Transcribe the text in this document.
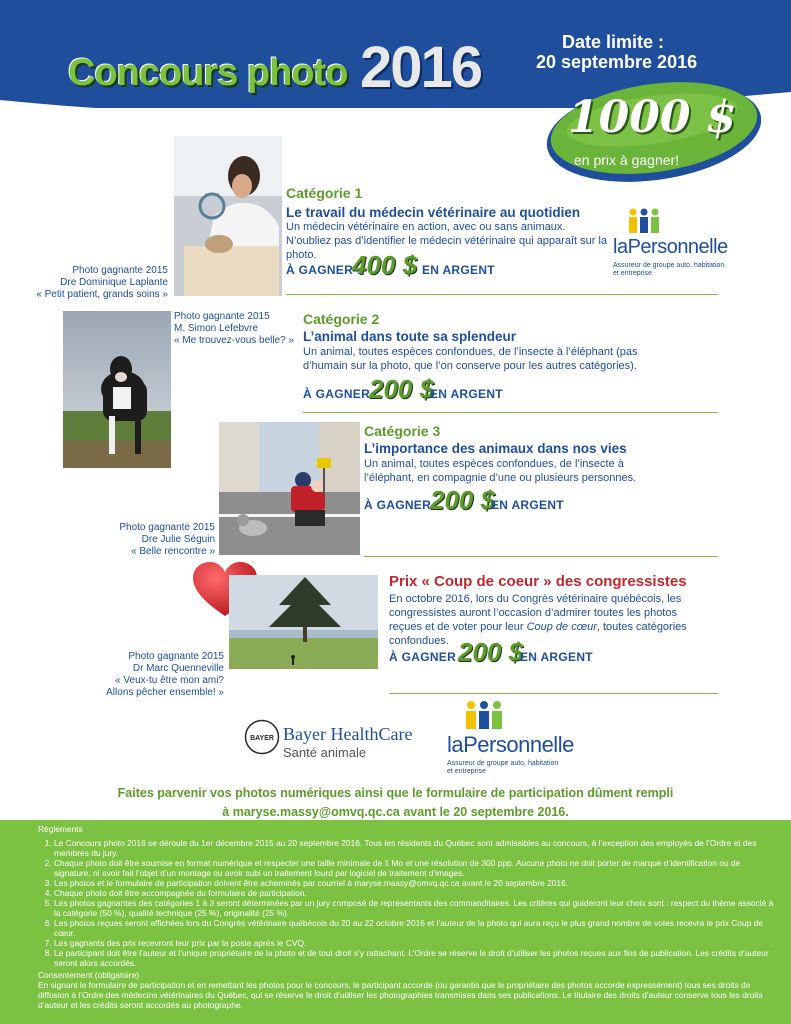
Concours photo 2016	Date limite :
20 septembre 2016
1000 $
en prix à gagner!
Photo gagnante 2015
Dre Dominique Laplante
« Petit patient, grands soins »
Catégorie 1
Le travail du médecin vétérinaire au quotidien
Un médecin vétérinaire en action, avec ou sans animaux. N’oubliez pas d’identifier le médecin vétérinaire qui apparaît sur la photo.
À GAGNER :
400 $ EN ARGENT
laPersonnelle
Assureur de groupe auto, habitation
et entreprise
Photo gagnante 2015
M. Simon Lefebvre
« Me trouvez-vous belle? »
Catégorie 2
L’animal dans toute sa splendeur
Un animal, toutes espèces confondues, de l’insecte à l’éléphant (pas d’humain sur la photo, que l’on conserve pour les autres catégories).
À GAGNER :
200 $
EN ARGENT
Photo gagnante 2015
Dre Julie Séguin
« Belle rencontre »
Catégorie 3
L’importance des animaux dans nos vies
Un animal, toutes espèces confondues, de l’insecte à l’éléphant, en compagnie d’une ou plusieurs personnes.
À GAGNER :
200 $
EN ARGENT
Photo gagnante 2015
Dr Marc Quenneville
« Veux-tu être mon ami?
Allons pêcher ensemble! »
Prix « Coup de coeur » des congressistes
En octobre 2016, lors du Congrès vétérinaire québécois, les congressistes auront l’occasion d’admirer toutes les photos reçues et de voter pour leur Coup de cœur, toutes catégories confondues.
À GAGNER :
200 $
EN ARGENT
BAYER Bayer HealthCare
Santé animale	laPersonnelle
Assureur de groupe auto, habitation
et entreprise
Faites parvenir vos photos numériques ainsi que le formulaire de participation dûment rempli
à maryse.massy@omvq.qc.ca avant le 20 septembre 2016.

Règlements

1. Le Concours photo 2016 se déroule du 1er décembre 2015 au 20 septembre 2016. Tous les résidents du Québec sont admissibles au concours, à l’exception des employés de l’Ordre et des membres du jury.
2. Chaque photo doit être soumise en format numérique et respecter une taille minimale de 1 Mo et une résolution de 300 ppp. Aucune photo ne doit porter de marque d’identification ou de signature, ni avoir fait l’objet d’un montage ou avoir subi un traitement lourd par logiciel de traitement d’images.
3. Les photos et le formulaire de participation doivent être acheminés par courriel à maryse.massy@omvq.qc.ca avant le 20 septembre 2016.
4. Chaque photo doit être accompagnée du formulaire de participation.
5. Les photos gagnantes des catégories 1 à 3 seront déterminées par un jury composé de représentants des commanditaires. Les critères qui guideront leur choix sont : respect du thème associé à la catégorie (50 %), qualité technique (25 %), originalité (25 %).
6. Les photos reçues seront affichées lors du Congrès vétérinaire québécois du 20 au 22 octobre 2016 et l’auteur de la photo qui aura reçu le plus grand nombre de votes recevra le prix Coup de cœur.
7. Les gagnants des prix recevront leur prix par la poste après le CVQ.
8. Le participant doit être l’auteur et l’unique propriétaire de la photo et de tout droit s’y rattachant. L’Ordre se réserve le droit d’utiliser les photos reçues aux fins de publication. Les crédits d’auteur seront alors accordés.

Consentement (obligatoire)

En signant le formulaire de participation et en remettant les photos pour le concours, le participant accorde (ou garantis que le propriétaire des photos accorde expressément) tous ses droits de diffusion à l’Ordre des médecins vétérinaires du Québec, qui se réserve le droit d’utiliser les photographies transmises dans ses publications. Le titulaire des droits d’auteur conserve tous les droits d’auteur et les crédits seront accordés au photographe.
